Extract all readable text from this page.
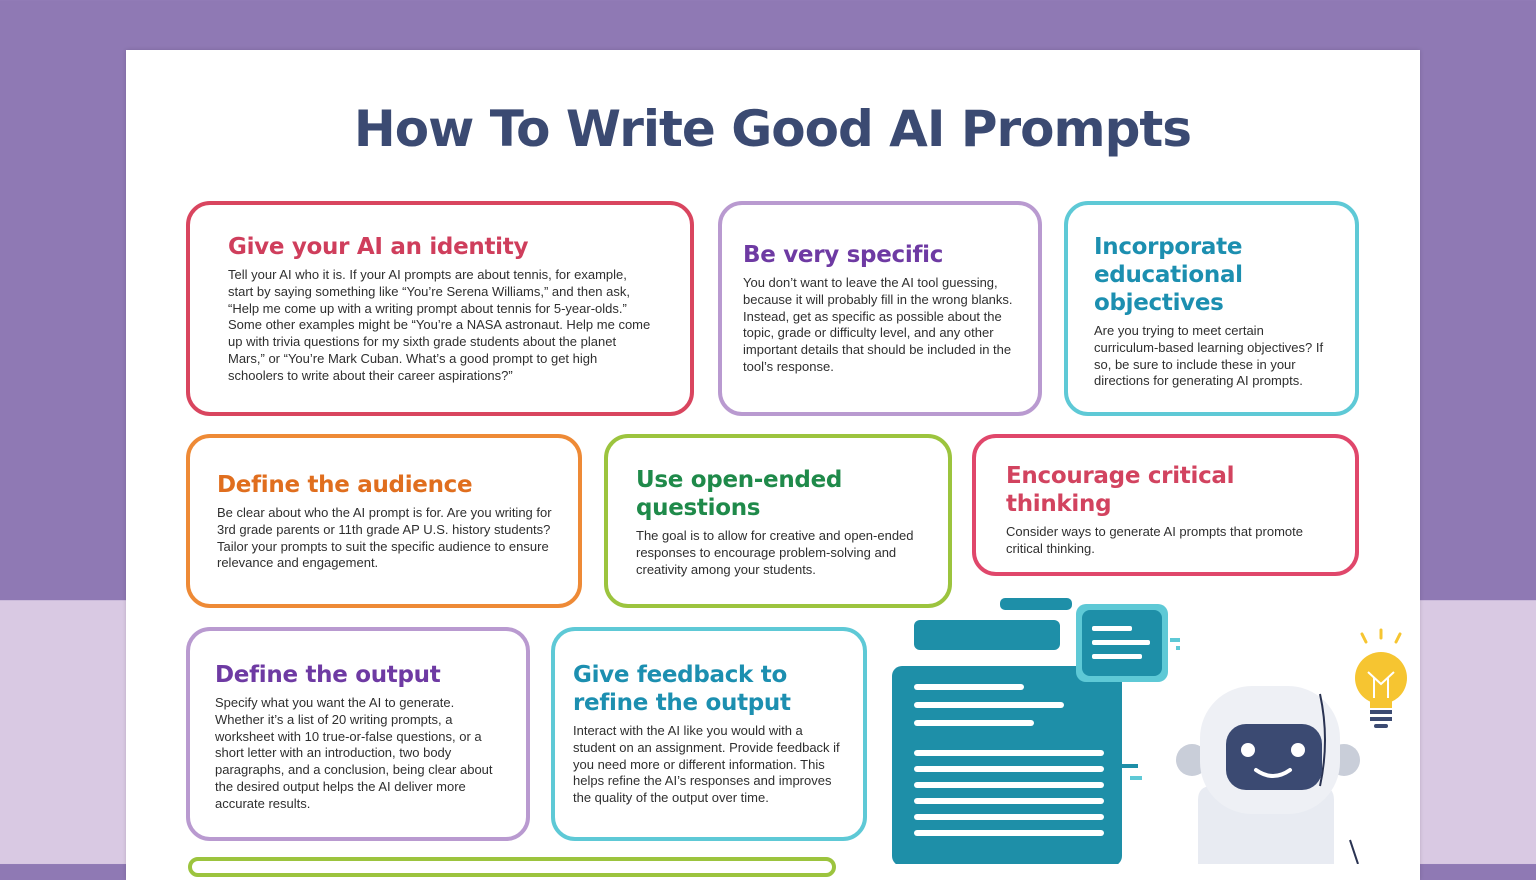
How To Write Good AI Prompts
Give your AI an identity

Tell your AI who it is. If your AI prompts are about tennis, for example, start by saying something like “You’re Serena Williams,” and then ask, “Help me come up with a writing prompt about tennis for 5-year-olds.” Some other examples might be “You’re a NASA astronaut. Help me come up with trivia questions for my sixth grade students about the planet Mars,” or “You’re Mark Cuban. What’s a good prompt to get high schoolers to write about their career aspirations?”

Be very specific

You don’t want to leave the AI tool guessing, because it will probably fill in the wrong blanks. Instead, get as specific as possible about the topic, grade or difficulty level, and any other important details that should be included in the tool’s response.

Incorporate educational objectives

Are you trying to meet certain curriculum-based learning objectives? If so, be sure to include these in your directions for generating AI prompts.

Define the audience

Be clear about who the AI prompt is for. Are you writing for 3rd grade parents or 11th grade AP U.S. history students? Tailor your prompts to suit the specific audience to ensure relevance and engagement.

Use open-ended questions

The goal is to allow for creative and open-ended responses to encourage problem-solving and creativity among your students.

Encourage critical thinking

Consider ways to generate AI prompts that promote critical thinking.

Define the output

Specify what you want the AI to generate. Whether it’s a list of 20 writing prompts, a worksheet with 10 true-or-false questions, or a short letter with an introduction, two body paragraphs, and a conclusion, being clear about the desired output helps the AI deliver more accurate results.

Give feedback to refine the output

Interact with the AI like you would with a student on an assignment. Provide feedback if you need more or different information. This helps refine the AI’s responses and improves the quality of the output over time.
